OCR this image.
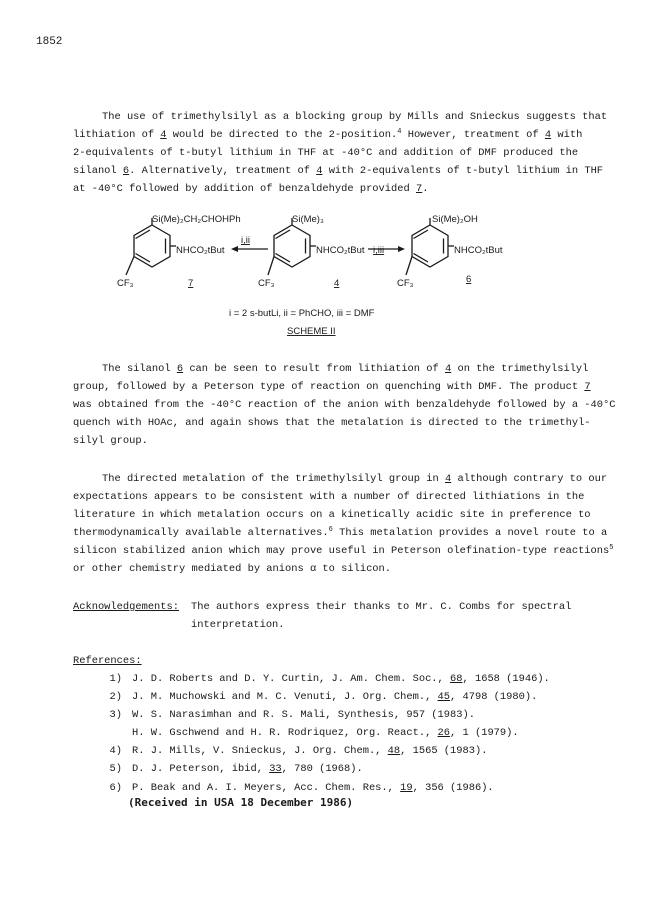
1852

The use of trimethylsilyl as a blocking group by Mills and Snieckus suggests that

lithiation of 4 would be directed to the 2-position.$^4$ However, treatment of 4 with

2-equivalents of t-butyl lithium in THF at -40°C and addition of DMF produced the

silanol 6. Alternatively, treatment of 4 with 2-equivalents of t-butyl lithium in THF

at -40°C followed by addition of benzaldehyde provided 7.

Si(Me)₂CH₂CHOHPh
NHCO₂tBut
CF₃	7
i,ii
Si(Me)₃
NHCO₂tBut
CF₃	4
i,iii
Si(Me)₂OH
NHCO₂tBut
CF₃	6
i = 2 s-butLi, ii = PhCHO, iii = DMF
SCHEME II

The silanol 6 can be seen to result from lithiation of 4 on the trimethylsilyl

group, followed by a Peterson type of reaction on quenching with DMF. The product 7

was obtained from the -40°C reaction of the anion with benzaldehyde followed by a -40°C

quench with HOAc, and again shows that the metalation is directed to the trimethyl-

silyl group.

The directed metalation of the trimethylsilyl group in 4 although contrary to our

expectations appears to be consistent with a number of directed lithiations in the

literature in which metalation occurs on a kinetically acidic site in preference to

thermodynamically available alternatives.$^6$ This metalation provides a novel route to a

silicon stabilized anion which may prove useful in Peterson olefination-type reactions$^5$

or other chemistry mediated by anions α to silicon.

Acknowledgements: The authors express their thanks to Mr. C. Combs for spectral
interpretation.
References:
1) J. D. Roberts and D. Y. Curtin, J. Am. Chem. Soc., 68, 1658 (1946).
2) J. M. Muchowski and M. C. Venuti, J. Org. Chem., 45, 4798 (1980).
3) W. S. Narasimhan and R. S. Mali, Synthesis, 957 (1983).
H. W. Gschwend and H. R. Rodriquez, Org. React., 26, 1 (1979).
4) R. J. Mills, V. Snieckus, J. Org. Chem., 48, 1565 (1983).
5) D. J. Peterson, ibid, 33, 780 (1968).
6) P. Beak and A. I. Meyers, Acc. Chem. Res., 19, 356 (1986).
(Received in USA 18 December 1986)
